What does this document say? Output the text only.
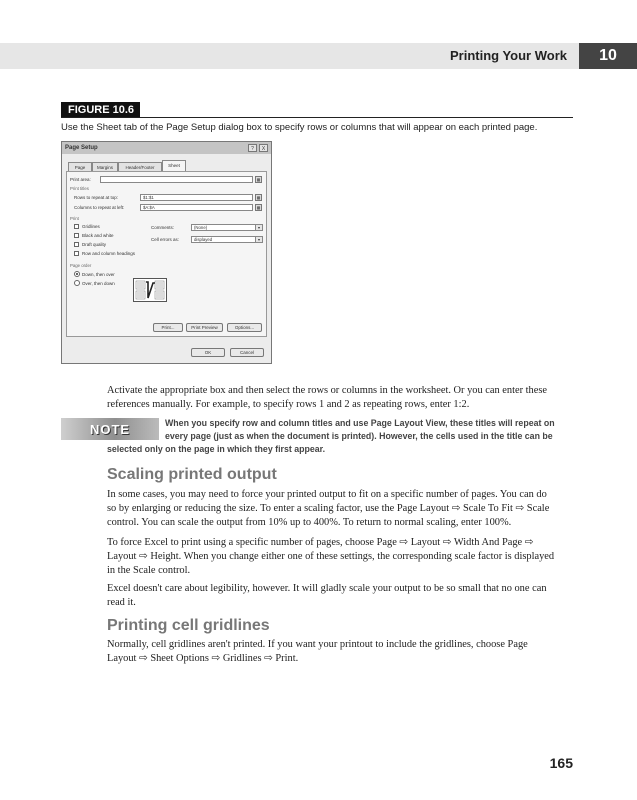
Printing Your Work	10
FIGURE 10.6
Use the Sheet tab of the Page Setup dialog box to specify rows or columns that will appear on each printed page.
Page Setup	?	X
Page	Margins	Header/Footer	Sheet
Print area:	▦
Print titles
Rows to repeat at top:	$1:$1	▦
Columns to repeat at left:	$A:$A	▦
Print
Gridlines
Black and white
Draft quality
Row and column headings
Comments:	(None)	▾
Cell errors as:	displayed	▾
Page order
Down, then over
Over, then down
Print...	Print Preview	Options...
OK	Cancel
Activate the appropriate box and then select the rows or columns in the worksheet. Or you can enter these
references manually. For example, to specify rows 1 and 2 as repeating rows, enter 1:2.
NOTE	When you specify row and column titles and use Page Layout View, these titles will repeat on
every page (just as when the document is printed). However, the cells used in the title can be
selected only on the page in which they first appear.
Scaling printed output
In some cases, you may need to force your printed output to fit on a specific number of pages. You can do
so by enlarging or reducing the size. To enter a scaling factor, use the Page Layout ⇨ Scale To Fit ⇨ Scale
control. You can scale the output from 10% up to 400%. To return to normal scaling, enter 100%.
To force Excel to print using a specific number of pages, choose Page ⇨ Layout ⇨ Width And Page ⇨
Layout ⇨ Height. When you change either one of these settings, the corresponding scale factor is displayed
in the Scale control.
Excel doesn't care about legibility, however. It will gladly scale your output to be so small that no one can
read it.
Printing cell gridlines
Normally, cell gridlines aren't printed. If you want your printout to include the gridlines, choose Page
Layout ⇨ Sheet Options ⇨ Gridlines ⇨ Print.
165
